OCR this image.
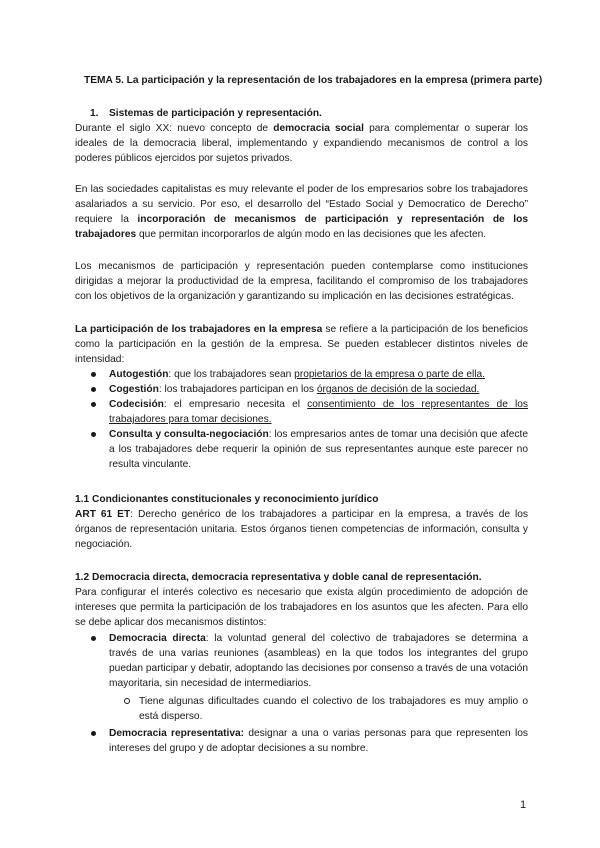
TEMA 5. La participación y la representación de los trabajadores en la empresa (primera parte)
1. Sistemas de participación y representación.
Durante el siglo XX: nuevo concepto de democracia social para complementar o superar los ideales de la democracia liberal, implementando y expandiendo mecanismos de control a los poderes públicos ejercidos por sujetos privados.
En las sociedades capitalistas es muy relevante el poder de los empresarios sobre los trabajadores asalariados a su servicio. Por eso, el desarrollo del “Estado Social y Democratico de Derecho” requiere la incorporación de mecanismos de participación y representación de los trabajadores que permitan incorporarlos de algún modo en las decisiones que les afecten.
Los mecanismos de participación y representación pueden contemplarse como instituciones dirigidas a mejorar la productividad de la empresa, facilitando el compromiso de los trabajadores con los objetivos de la organización y garantizando su implicación en las decisiones estratégicas.
La participación de los trabajadores en la empresa se refiere a la participación de los beneficios como la participación en la gestión de la empresa. Se pueden establecer distintos niveles de intensidad:
Autogestión: que los trabajadores sean propietarios de la empresa o parte de ella.
Cogestión: los trabajadores participan en los órganos de decisión de la sociedad.
Codecisión: el empresario necesita el consentimiento de los representantes de los trabajadores para tomar decisiones.
Consulta y consulta-negociación: los empresarios antes de tomar una decisión que afecte a los trabajadores debe requerir la opinión de sus representantes aunque este parecer no resulta vinculante.
1.1 Condicionantes constitucionales y reconocimiento jurídico
ART 61 ET: Derecho genérico de los trabajadores a participar en la empresa, a través de los órganos de representación unitaria. Estos órganos tienen competencias de información, consulta y negociación.
1.2 Democracia directa, democracia representativa y doble canal de representación.
Para configurar el interés colectivo es necesario que exista algún procedimiento de adopción de intereses que permita la participación de los trabajadores en los asuntos que les afecten. Para ello se debe aplicar dos mecanismos distintos:
Democracia directa: la voluntad general del colectivo de trabajadores se determina a través de una varias reuniones (asambleas) en la que todos los integrantes del grupo puedan participar y debatir, adoptando las decisiones por consenso a través de una votación mayoritaria, sin necesidad de intermediarios.
Tiene algunas dificultades cuando el colectivo de los trabajadores es muy amplio o está disperso.
Democracia representativa: designar a una o varias personas para que representen los intereses del grupo y de adoptar decisiones a su nombre.
1
